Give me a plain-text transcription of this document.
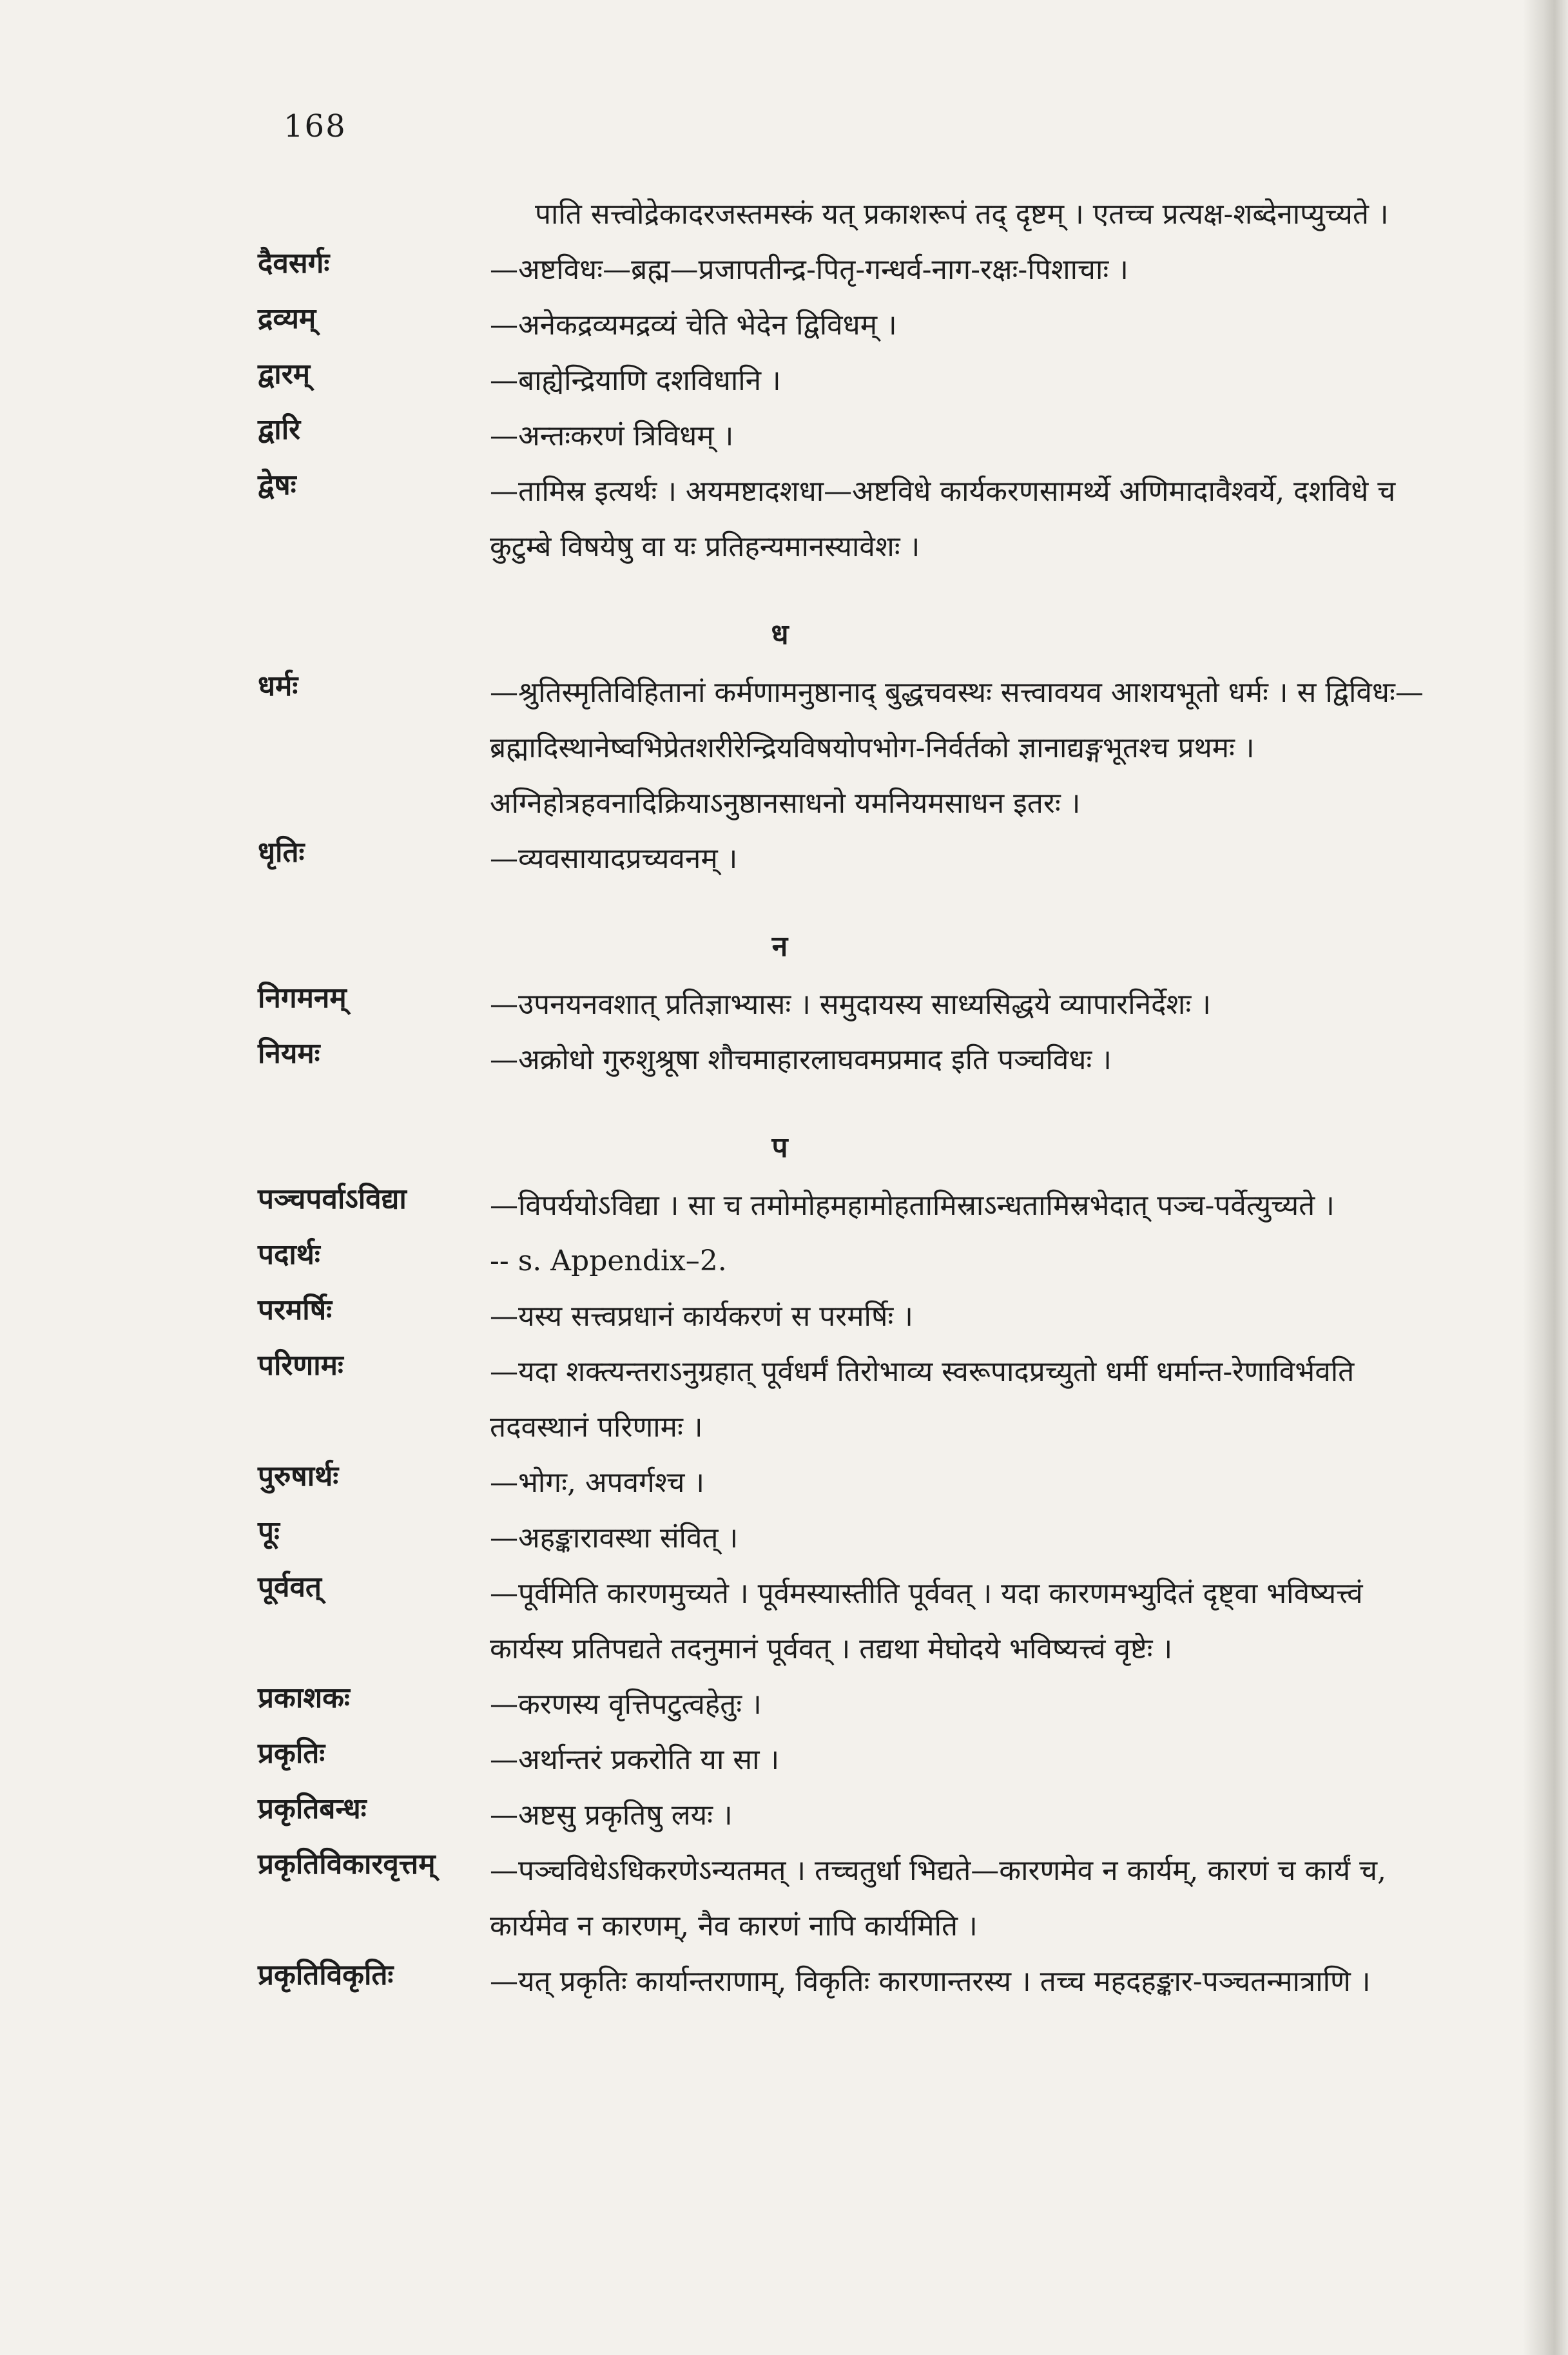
168
पाति सत्त्वोद्रेकादरजस्तमस्कं यत् प्रकाशरूपं तद् दृष्टम् । एतच्च प्रत्यक्ष-शब्देनाप्युच्यते ।
दैवसर्गः	—अष्टविधः—ब्रह्म—प्रजापतीन्द्र-पितृ-गन्धर्व-नाग-रक्षः-पिशाचाः ।
द्रव्यम्	—अनेकद्रव्यमद्रव्यं चेति भेदेन द्विविधम् ।
द्वारम्	—बाह्येन्द्रियाणि दशविधानि ।
द्वारि	—अन्तःकरणं त्रिविधम् ।
द्वेषः	—तामिस्र इत्यर्थः । अयमष्टादशधा—अष्टविधे कार्यकरणसामर्थ्ये अणिमादावैश्वर्ये, दशविधे च कुटुम्बे विषयेषु वा यः प्रतिहन्यमानस्यावेशः ।
ध
धर्मः	—श्रुतिस्मृतिविहितानां कर्मणामनुष्ठानाद् बुद्धचवस्थः सत्त्वावयव आशयभूतो धर्मः । स द्विविधः—ब्रह्मादिस्थानेष्वभिप्रेतशरीरेन्द्रियविषयोपभोग-निर्वर्तको ज्ञानाद्यङ्गभूतश्च प्रथमः । अग्निहोत्रहवनादिक्रियाऽनुष्ठानसाधनो यमनियमसाधन इतरः ।
धृतिः	—व्यवसायादप्रच्यवनम् ।
न
निगमनम्	—उपनयनवशात् प्रतिज्ञाभ्यासः । समुदायस्य साध्यसिद्धये व्यापारनिर्देशः ।
नियमः	—अक्रोधो गुरुशुश्रूषा शौचमाहारलाघवमप्रमाद इति पञ्चविधः ।
प
पञ्चपर्वाऽविद्या	—विपर्ययोऽविद्या । सा च तमोमोहमहामोहतामिस्राऽन्धतामिस्रभेदात् पञ्च-पर्वेत्युच्यते ।
पदार्थः	-- s. Appendix–2.
परमर्षिः	—यस्य सत्त्वप्रधानं कार्यकरणं स परमर्षिः ।
परिणामः	—यदा शक्त्यन्तराऽनुग्रहात् पूर्वधर्मं तिरोभाव्य स्वरूपादप्रच्युतो धर्मी धर्मान्त-रेणाविर्भवति तदवस्थानं परिणामः ।
पुरुषार्थः	—भोगः, अपवर्गश्च ।
पूः	—अहङ्कारावस्था संवित् ।
पूर्ववत्	—पूर्वमिति कारणमुच्यते । पूर्वमस्यास्तीति पूर्ववत् । यदा कारणमभ्युदितं दृष्ट्वा भविष्यत्त्वं कार्यस्य प्रतिपद्यते तदनुमानं पूर्ववत् । तद्यथा मेघोदये भविष्यत्त्वं वृष्टेः ।
प्रकाशकः	—करणस्य वृत्तिपटुत्वहेतुः ।
प्रकृतिः	—अर्थान्तरं प्रकरोति या सा ।
प्रकृतिबन्धः	—अष्टसु प्रकृतिषु लयः ।
प्रकृतिविकारवृत्तम् —पञ्चविधेऽधिकरणेऽन्यतमत् । तच्चतुर्धा भिद्यते—कारणमेव न कार्यम्, कारणं च कार्यं च, कार्यमेव न कारणम्, नैव कारणं नापि कार्यमिति ।
प्रकृतिविकृतिः	—यत् प्रकृतिः कार्यान्तराणाम्, विकृतिः कारणान्तरस्य । तच्च महदहङ्कार-पञ्चतन्मात्राणि ।
